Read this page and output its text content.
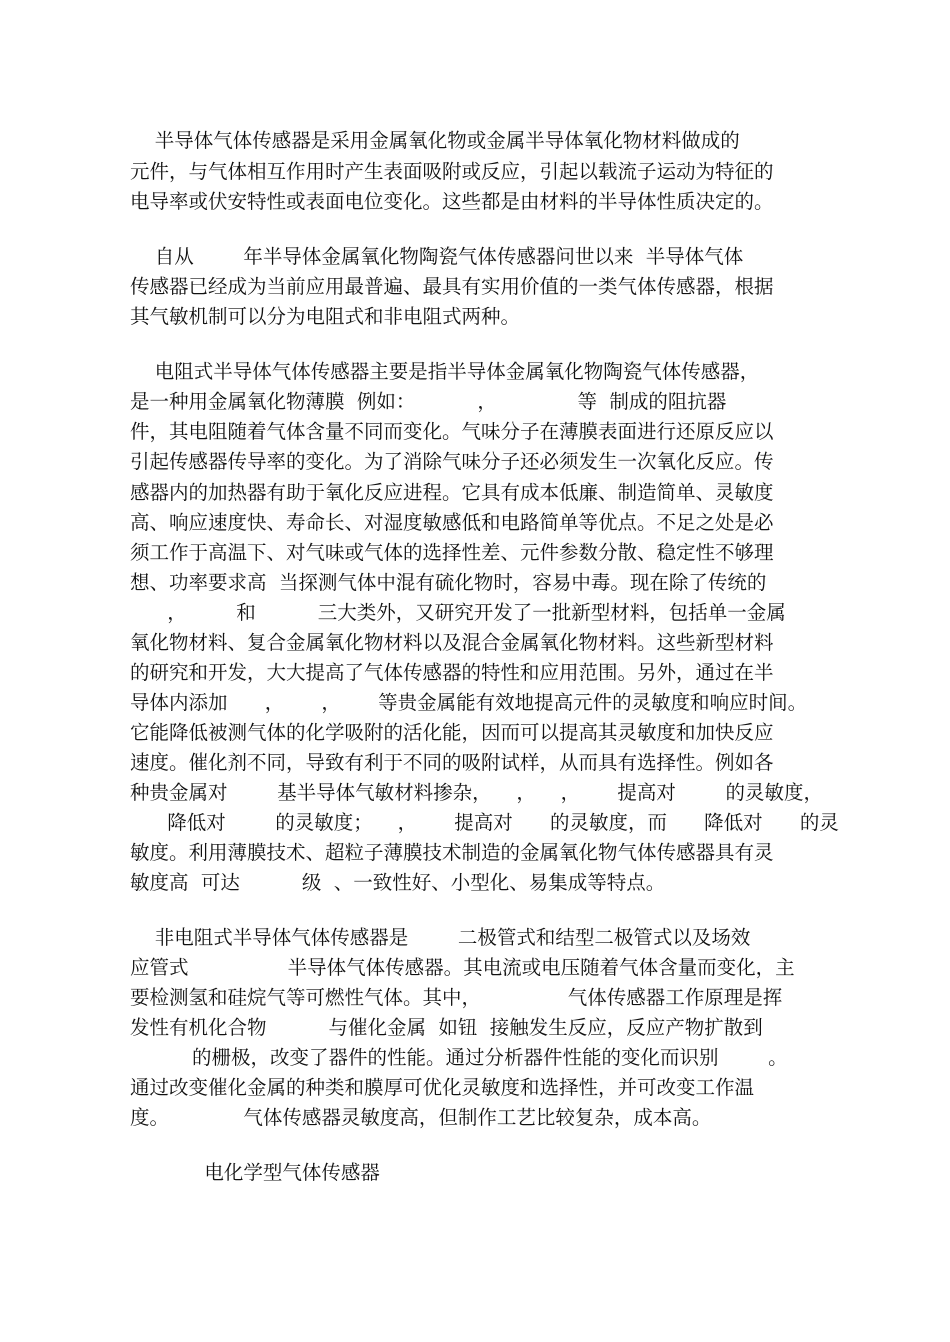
半导体气体传感器是采用金属氧化物或金属半导体氧化物材料做成的
元件，与气体相互作用时产生表面吸附或反应，引起以载流子运动为特征的
电导率或伏安特性或表面电位变化。这些都是由材料的半导体性质决定的。
自从        年半导体金属氧化物陶瓷气体传感器问世以来  半导体气体
传感器已经成为当前应用最普遍、最具有实用价值的一类气体传感器，根据
其气敏机制可以分为电阻式和非电阻式两种。
电阻式半导体气体传感器主要是指半导体金属氧化物陶瓷气体传感器，
是一种用金属氧化物薄膜  例如：          ，             等  制成的阻抗器
件，其电阻随着气体含量不同而变化。气味分子在薄膜表面进行还原反应以
引起传感器传导率的变化。为了消除气味分子还必须发生一次氧化反应。传
感器内的加热器有助于氧化反应进程。它具有成本低廉、制造简单、灵敏度
高、响应速度快、寿命长、对湿度敏感低和电路简单等优点。不足之处是必
须工作于高温下、对气味或气体的选择性差、元件参数分散、稳定性不够理
想、功率要求高  当探测气体中混有硫化物时，容易中毒。现在除了传统的
，        和          三大类外，又研究开发了一批新型材料，包括单一金属
氧化物材料、复合金属氧化物材料以及混合金属氧化物材料。这些新型材料
的研究和开发，大大提高了气体传感器的特性和应用范围。另外，通过在半
导体内添加      ，      ，      等贵金属能有效地提高元件的灵敏度和响应时间。
它能降低被测气体的化学吸附的活化能，因而可以提高其灵敏度和加快反应
速度。催化剂不同，导致有利于不同的吸附试样，从而具有选择性。例如各
种贵金属对        基半导体气敏材料掺杂，    ，    ，      提高对        的灵敏度，
降低对        的灵敏度；    ，      提高对      的灵敏度，而      降低对      的灵
敏度。利用薄膜技术、超粒子薄膜技术制造的金属氧化物气体传感器具有灵
敏度高  可达          级  、一致性好、小型化、易集成等特点。
非电阻式半导体气体传感器是        二极管式和结型二极管式以及场效
应管式                半导体气体传感器。其电流或电压随着气体含量而变化，主
要检测氢和硅烷气等可燃性气体。其中，              气体传感器工作原理是挥
发性有机化合物          与催化金属  如钮  接触发生反应，反应产物扩散到
的栅极，改变了器件的性能。通过分析器件性能的变化而识别        。
通过改变催化金属的种类和膜厚可优化灵敏度和选择性，并可改变工作温
度。            气体传感器灵敏度高，但制作工艺比较复杂，成本高。
电化学型气体传感器
